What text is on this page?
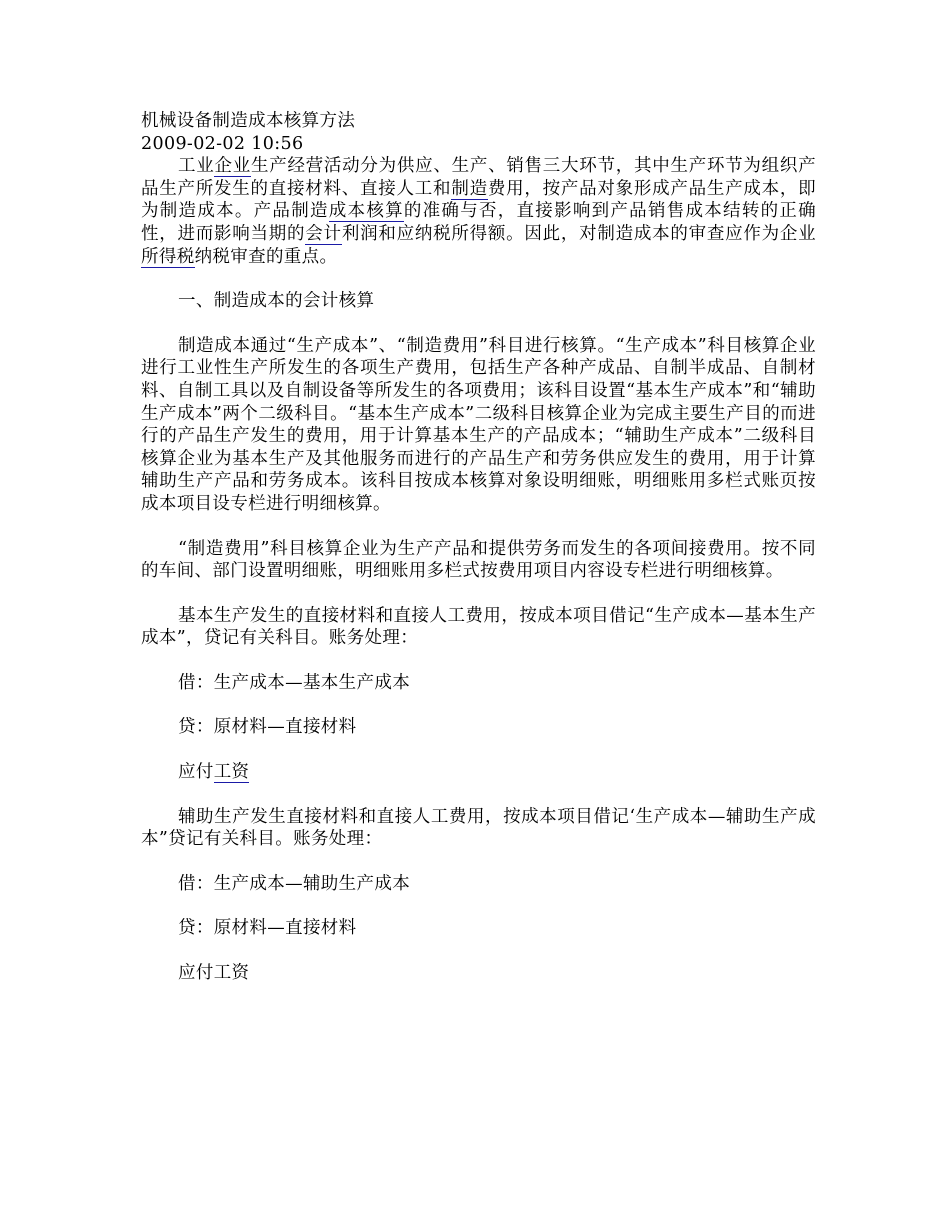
机械设备制造成本核算方法

2009-02-02 10:56

工业企业生产经营活动分为供应、生产、销售三大环节，其中生产环节为组织产品生产所发生的直接材料、直接人工和制造费用，按产品对象形成产品生产成本，即为制造成本。产品制造成本核算的准确与否，直接影响到产品销售成本结转的正确性，进而影响当期的会计利润和应纳税所得额。因此，对制造成本的审查应作为企业所得税纳税审查的重点。

一、制造成本的会计核算

制造成本通过“生产成本”、“制造费用”科目进行核算。“生产成本”科目核算企业进行工业性生产所发生的各项生产费用，包括生产各种产成品、自制半成品、自制材料、自制工具以及自制设备等所发生的各项费用；该科目设置“基本生产成本”和“辅助生产成本”两个二级科目。“基本生产成本”二级科目核算企业为完成主要生产目的而进行的产品生产发生的费用，用于计算基本生产的产品成本；“辅助生产成本”二级科目核算企业为基本生产及其他服务而进行的产品生产和劳务供应发生的费用，用于计算辅助生产产品和劳务成本。该科目按成本核算对象设明细账，明细账用多栏式账页按成本项目设专栏进行明细核算。

“制造费用”科目核算企业为生产产品和提供劳务而发生的各项间接费用。按不同的车间、部门设置明细账，明细账用多栏式按费用项目内容设专栏进行明细核算。

基本生产发生的直接材料和直接人工费用，按成本项目借记“生产成本—基本生产成本”，贷记有关科目。账务处理：

借：生产成本—基本生产成本

贷：原材料—直接材料

应付工资

辅助生产发生直接材料和直接人工费用，按成本项目借记‘生产成本—辅助生产成本”贷记有关科目。账务处理：

借：生产成本—辅助生产成本

贷：原材料—直接材料

应付工资
